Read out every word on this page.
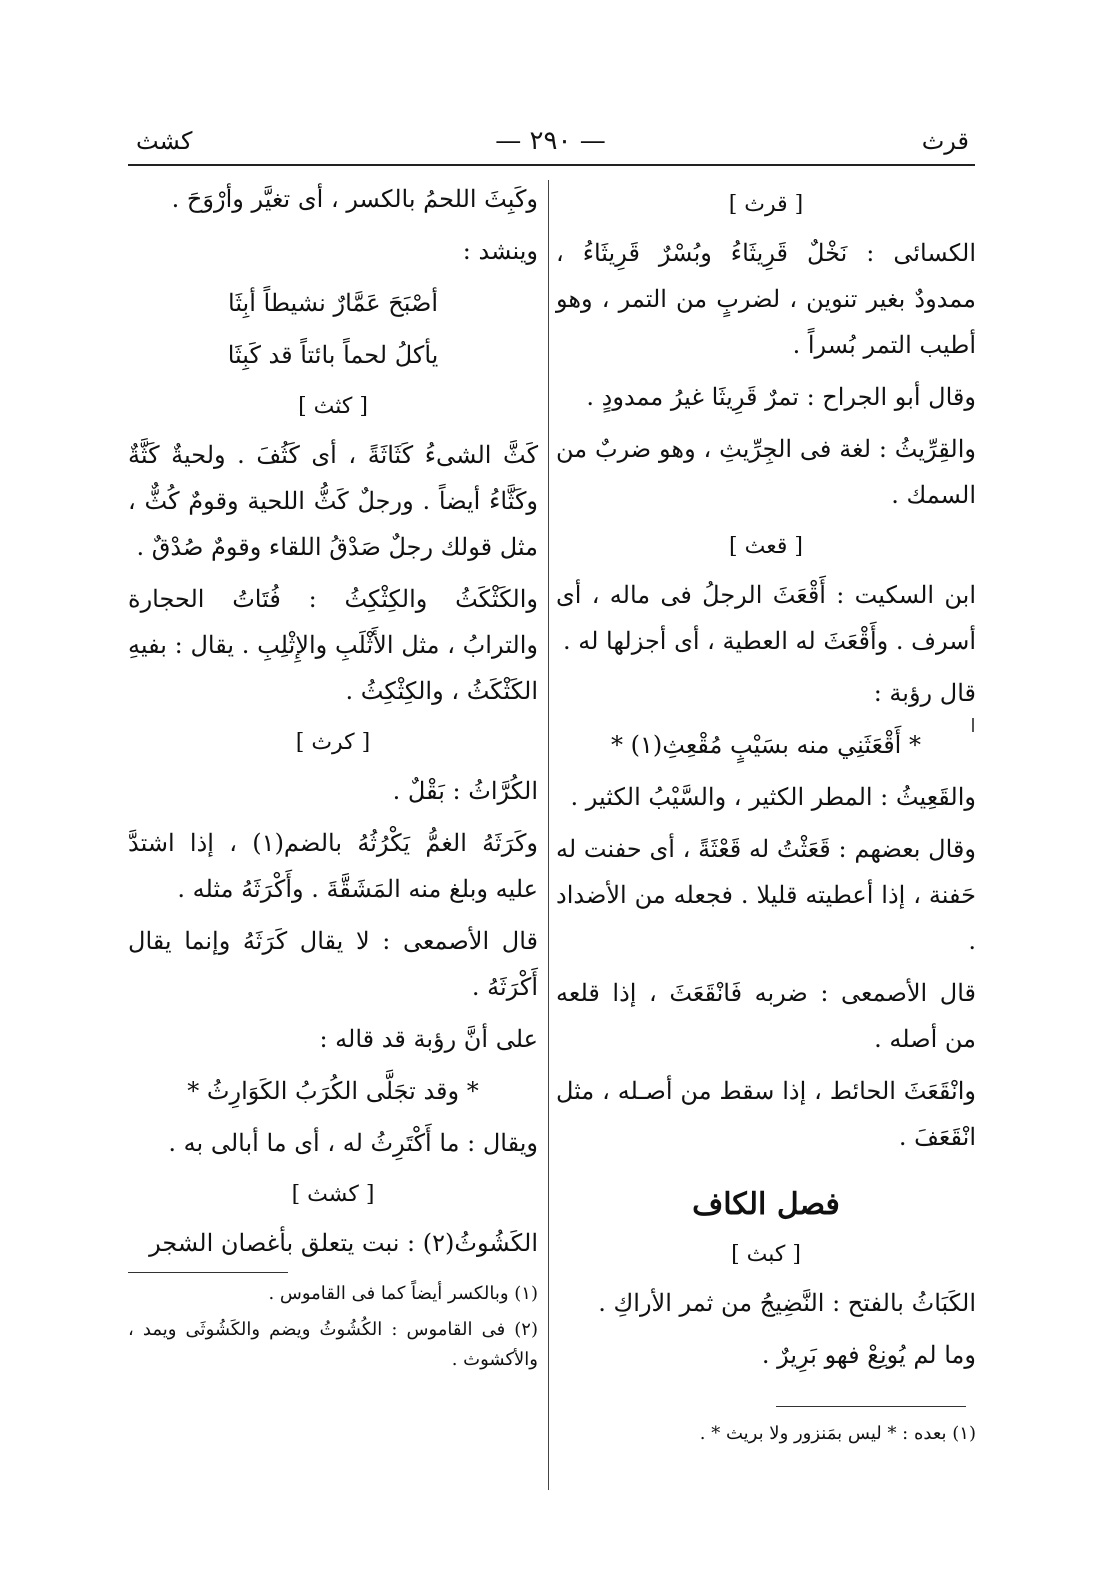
قرث
— ٢٩٠ —
كشث
[ قرث ]

الكسائى : نَخْلٌ قَرِيثَاءُ وبُسْرٌ قَرِيثَاءُ ، ممدودٌ بغير تنوين ، لضربٍ من التمر ، وهو أطيب التمر بُسراً .

وقال أبو الجراح : تمرٌ قَرِيثَا غيرُ ممدودٍ .

والقِرِّيثُ : لغة فى الجِرِّيثِ ، وهو ضربٌ من السمك .

[ قعث ]

ابن السكيت : أَقْعَثَ الرجلُ فى ماله ، أى أسرف . وأَقْعَثَ له العطية ، أى أجزلها له .

قال رؤبة :

* أَقْعَثَنِي منه بسَيْبٍ مُقْعِثِ(١) *

والقَعِيثُ : المطر الكثير ، والسَّيْبُ الكثير .

وقال بعضهم : قَعَثْتُ له قَعْثَةً ، أى حفنت له حَفنة ، إذا أعطيته قليلا . فجعله من الأضداد .

قال الأصمعى : ضربه فَانْقَعَثَ ، إذا قلعه من أصله .

وانْقَعَثَ الحائط ، إذا سقط من أصـله ، مثل انْقَعَفَ .

فصل الكاف
[ كبث ]

الكَبَاثُ بالفتح : النَّضِيجُ من ثمر الأراكِ .

وما لم يُونِعْ فهو بَرِيرٌ .

(١) بعده : * ليس بمَنزور ولا بريث * .

وكَبِثَ اللحمُ بالكسر ، أى تغيَّر وأرْوَحَ .

وينشد :

أصْبَحَ عَمَّارٌ نشيطاً أبِثَا

يأكلُ لحماً بائتاً قد كَبِثَا

[ كثث ]

كَثَّ الشىءُ كَثَاثَةً ، أى كَثُفَ . ولحيةٌ كَثَّةٌ وكَثَّاءُ أيضاً . ورجلٌ كَثُّ اللحية وقومٌ كُثٌّ ، مثل قولك رجلٌ صَدْقُ اللقاء وقومٌ صُدْقٌ .

والكَثْكَثُ والكِثْكِثُ : فُتَاتُ الحجارة والترابُ ، مثل الأَثْلَبِ والإِثْلِبِ . يقال : بفيهِ الكَثْكَثُ ، والكِثْكِثُ .

[ كرث ]

الكُرَّاثُ : بَقْلٌ .

وكَرَثَهُ الغمُّ يَكْرُثُهُ بالضم(١) ، إذا اشتدَّ عليه وبلغ منه المَشَقَّةَ . وأَكْرَثَهُ مثله .

قال الأصمعى : لا يقال كَرَثَهُ وإنما يقال أَكْرَثَهُ .

على أنَّ رؤبة قد قاله :

* وقد تجَلَّى الكُرَبُ الكَوَارِثُ *

ويقال : ما أَكْتَرِثُ له ، أى ما أبالى به .

[ كشث ]

الكَشُوثُ(٢) : نبت يتعلق بأغصان الشجر

(١) وبالكسر أيضاً كما فى القاموس .

(٢) فى القاموس : الكُشُوثُ ويضم والكَشُوثَى ويمد ، والأكشوث .
